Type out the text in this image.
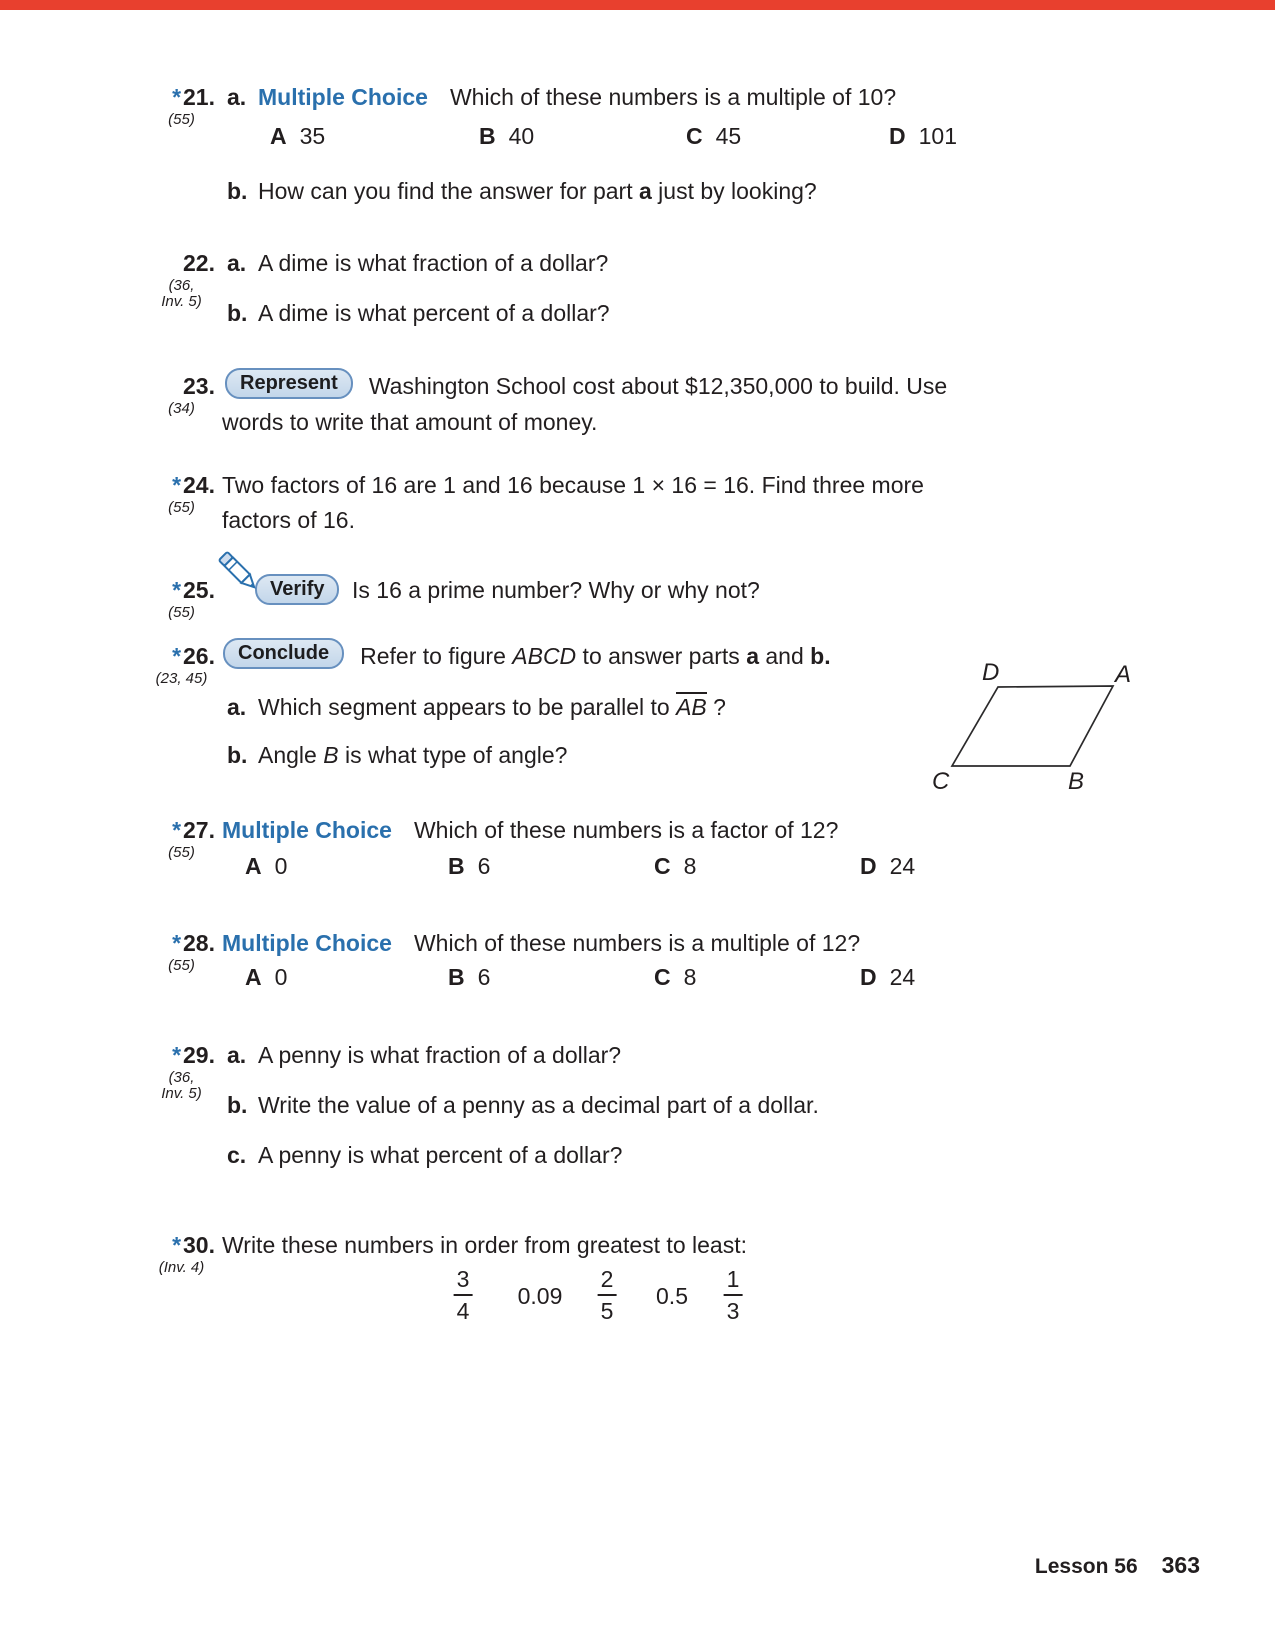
*21.
(55)
a. Multiple Choice Which of these numbers is a multiple of 10?
A 35	B 40	C 45	D 101
b. How can you find the answer for part a just by looking?
22.
(36,
Inv. 5)
a. A dime is what fraction of a dollar?
b. A dime is what percent of a dollar?
23.
(34)
Represent	Washington School cost about $12,350,000 to build. Use
words to write that amount of money.
*24.
(55)
Two factors of 16 are 1 and 16 because 1 × 16 = 16. Find three more
factors of 16.
*25.
(55)
Verify	Is 16 a prime number? Why or why not?
*26.
(23, 45)
Conclude	Refer to figure ABCD to answer parts a and b.
a. Which segment appears to be parallel to AB ?
b. Angle B is what type of angle?
D	A
C	B
*27.
(55)
Multiple Choice Which of these numbers is a factor of 12?
A 0	B 6	C 8	D 24
*28.
(55)
Multiple Choice Which of these numbers is a multiple of 12?
A 0	B 6	C 8	D 24
*29.
(36,
Inv. 5)
a. A penny is what fraction of a dollar?
b. Write the value of a penny as a decimal part of a dollar.
c. A penny is what percent of a dollar?
*30.
(Inv. 4)
Write these numbers in order from greatest to least:
$\frac{3}{4} 0.09 \frac{2}{5} 0.5 \frac{1}{3}$
Lesson 56 363
